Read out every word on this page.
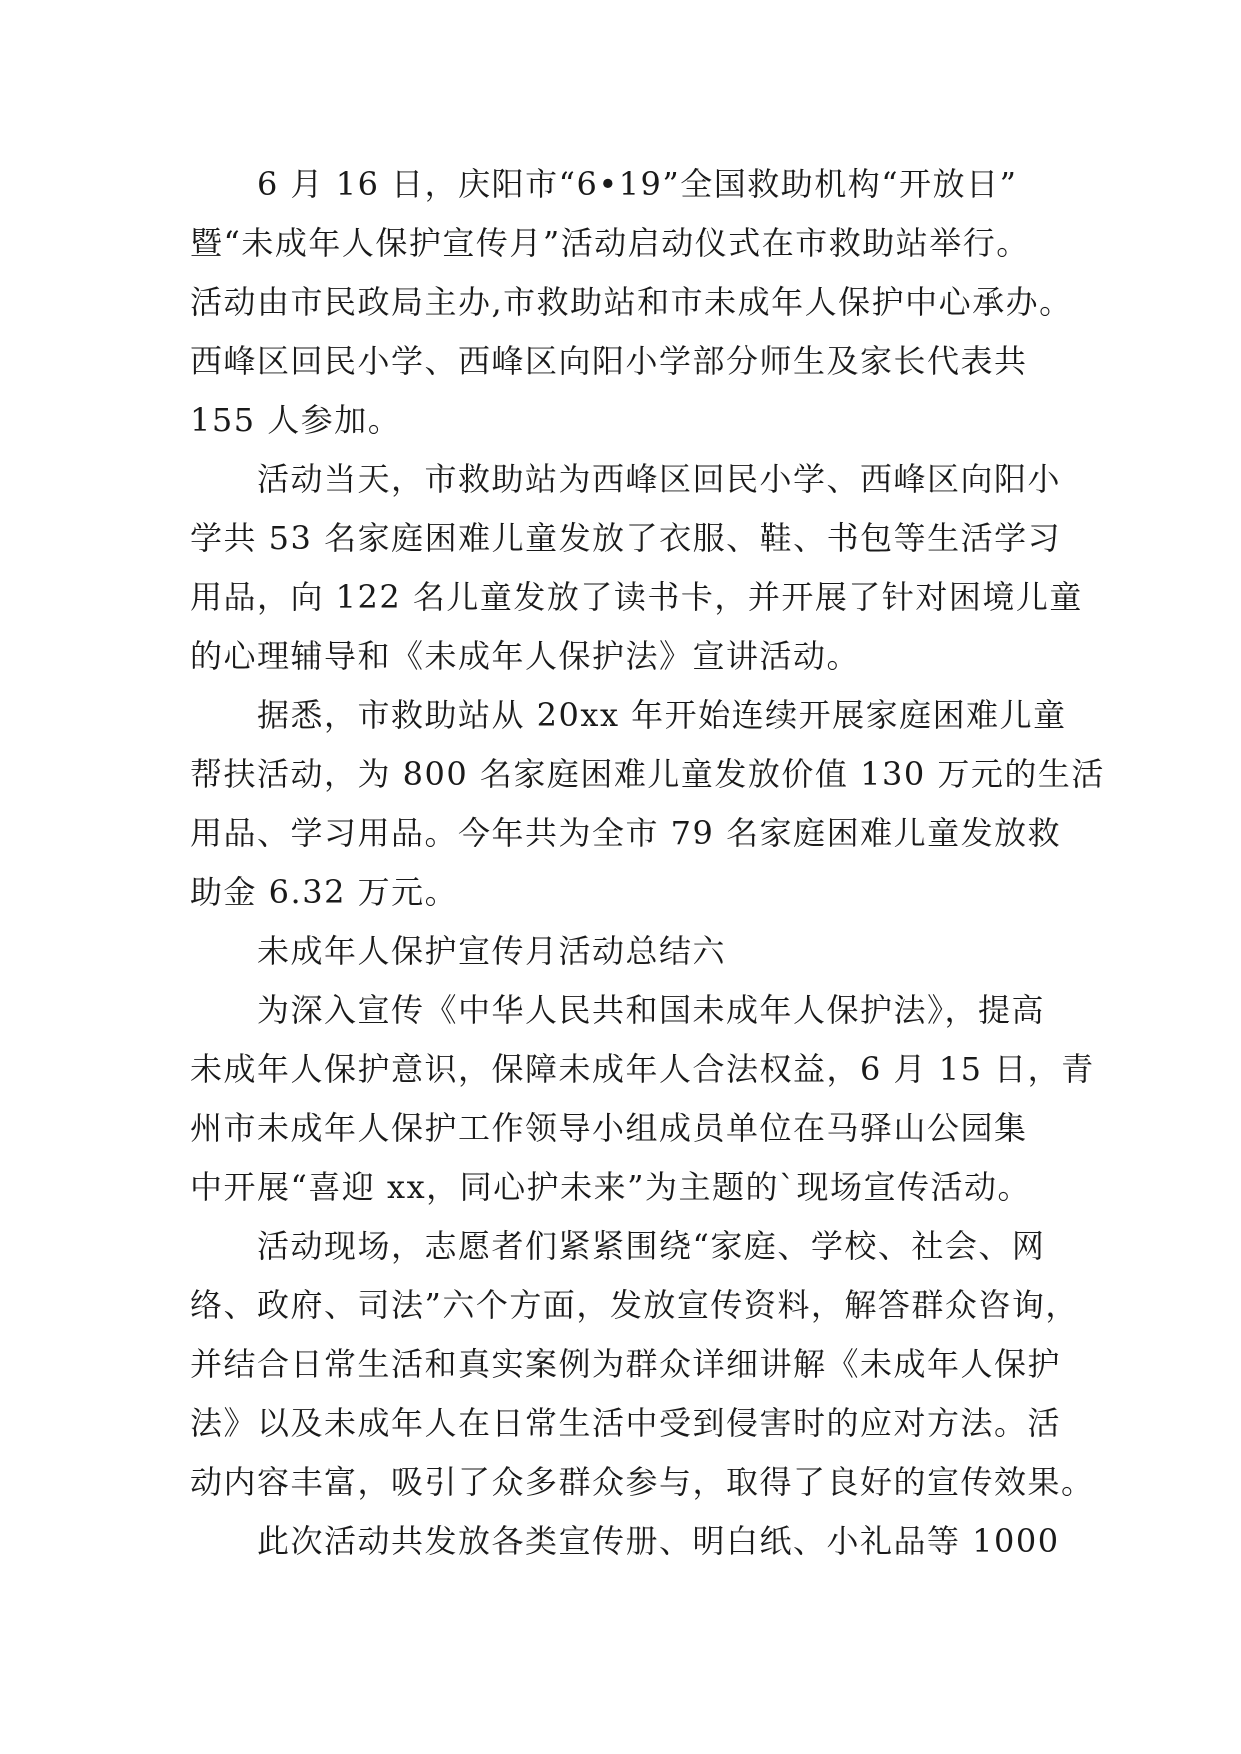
6 月 16 日，庆阳市“6•19”全国救助机构“开放日”
暨“未成年人保护宣传月”活动启动仪式在市救助站举行。
活动由市民政局主办,市救助站和市未成年人保护中心承办。
西峰区回民小学、西峰区向阳小学部分师生及家长代表共
155 人参加。
活动当天，市救助站为西峰区回民小学、西峰区向阳小
学共 53 名家庭困难儿童发放了衣服、鞋、书包等生活学习
用品，向 122 名儿童发放了读书卡，并开展了针对困境儿童
的心理辅导和《未成年人保护法》宣讲活动。
据悉，市救助站从 20xx 年开始连续开展家庭困难儿童
帮扶活动，为 800 名家庭困难儿童发放价值 130 万元的生活
用品、学习用品。今年共为全市 79 名家庭困难儿童发放救
助金 6.32 万元。
未成年人保护宣传月活动总结六
为深入宣传《中华人民共和国未成年人保护法》，提高
未成年人保护意识，保障未成年人合法权益，6 月 15 日，青
州市未成年人保护工作领导小组成员单位在马驿山公园集
中开展“喜迎 xx，同心护未来”为主题的`现场宣传活动。
活动现场，志愿者们紧紧围绕“家庭、学校、社会、网
络、政府、司法”六个方面，发放宣传资料，解答群众咨询，
并结合日常生活和真实案例为群众详细讲解《未成年人保护
法》以及未成年人在日常生活中受到侵害时的应对方法。活
动内容丰富，吸引了众多群众参与，取得了良好的宣传效果。
此次活动共发放各类宣传册、明白纸、小礼品等 1000
